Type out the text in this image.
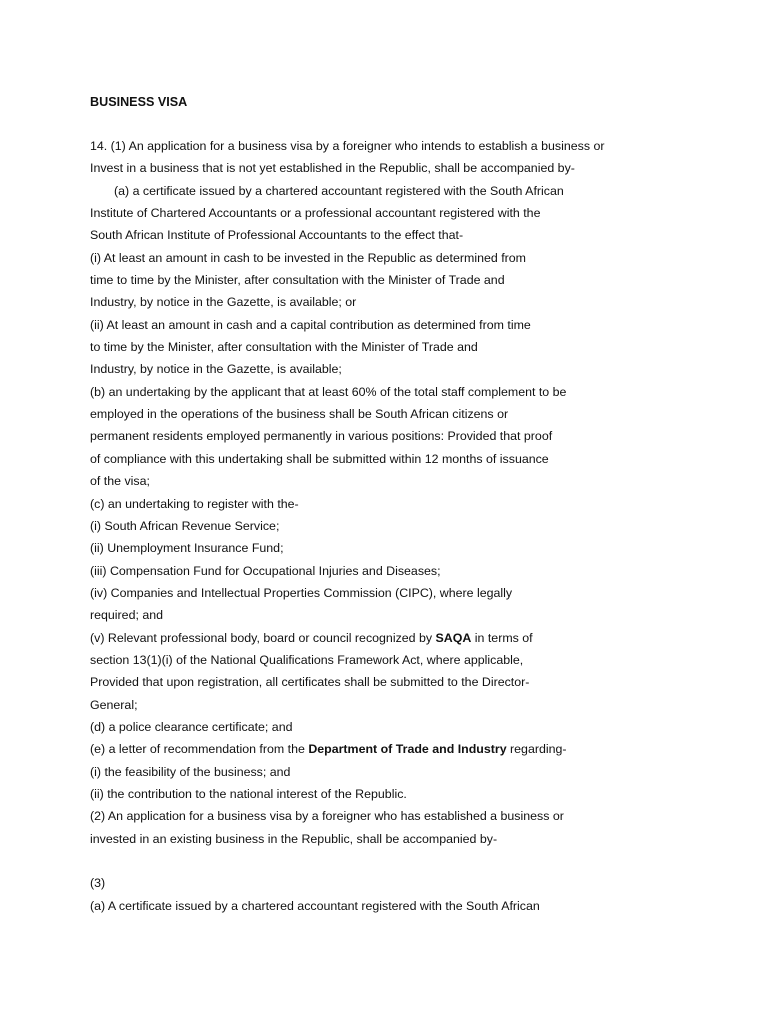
BUSINESS VISA
14. (1) An application for a business visa by a foreigner who intends to establish a business or
Invest in a business that is not yet established in the Republic, shall be accompanied by-
(a) a certificate issued by a chartered accountant registered with the South African
Institute of Chartered Accountants or a professional accountant registered with the
South African Institute of Professional Accountants to the effect that-
(i) At least an amount in cash to be invested in the Republic as determined from
time to time by the Minister, after consultation with the Minister of Trade and
Industry, by notice in the Gazette, is available; or
(ii) At least an amount in cash and a capital contribution as determined from time
to time by the Minister, after consultation with the Minister of Trade and
Industry, by notice in the Gazette, is available;
(b) an undertaking by the applicant that at least 60% of the total staff complement to be
employed in the operations of the business shall be South African citizens or
permanent residents employed permanently in various positions: Provided that proof
of compliance with this undertaking shall be submitted within 12 months of issuance
of the visa;
(c) an undertaking to register with the-
(i) South African Revenue Service;
(ii) Unemployment Insurance Fund;
(iii) Compensation Fund for Occupational Injuries and Diseases;
(iv) Companies and Intellectual Properties Commission (CIPC), where legally
required; and
(v) Relevant professional body, board or council recognized by SAQA in terms of
section 13(1)(i) of the National Qualifications Framework Act, where applicable,
Provided that upon registration, all certificates shall be submitted to the Director-
General;
(d) a police clearance certificate; and
(e) a letter of recommendation from the Department of Trade and Industry regarding-
(i) the feasibility of the business; and
(ii) the contribution to the national interest of the Republic.
(2) An application for a business visa by a foreigner who has established a business or
invested in an existing business in the Republic, shall be accompanied by-
(3)
(a) A certificate issued by a chartered accountant registered with the South African
